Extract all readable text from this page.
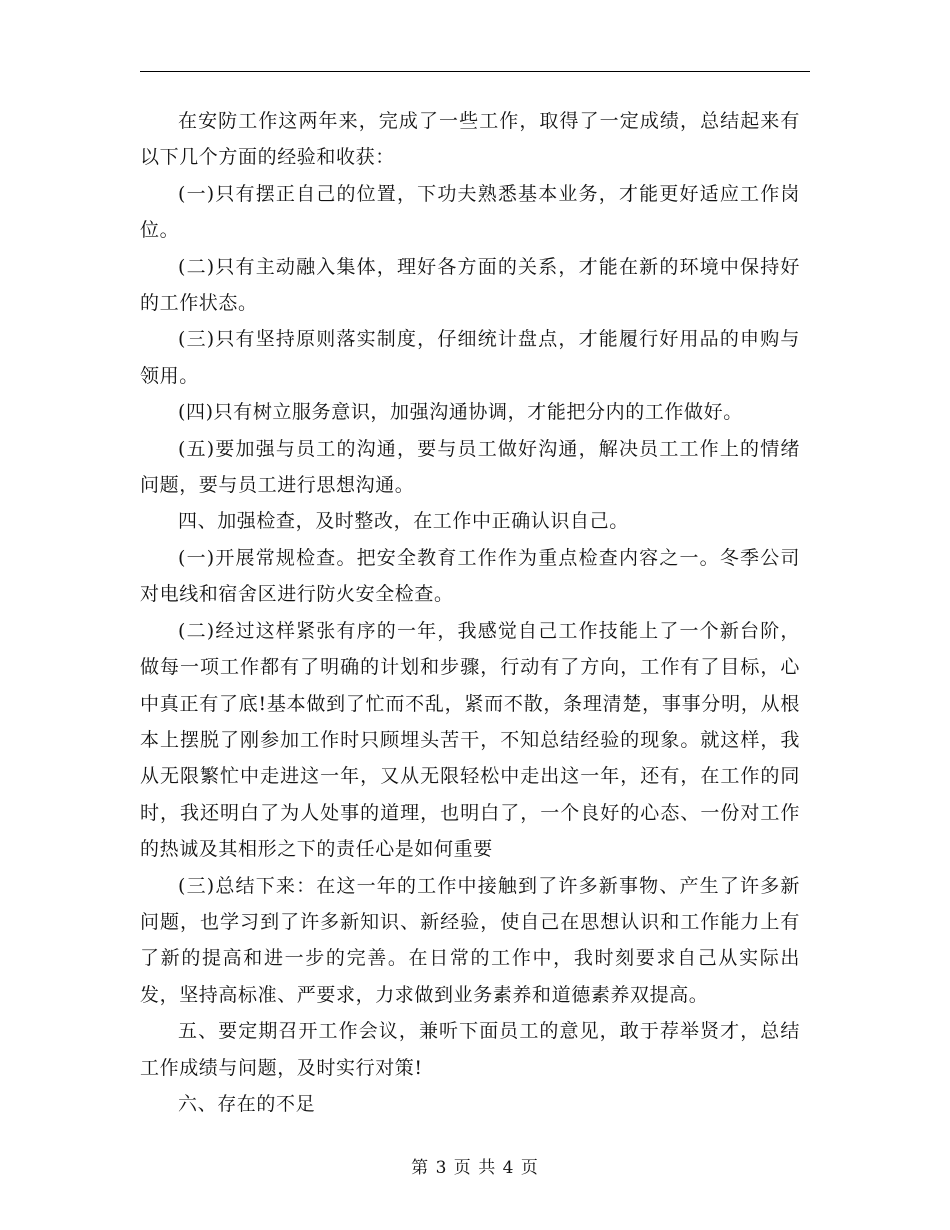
在安防工作这两年来，完成了一些工作，取得了一定成绩，总结起来有以下几个方面的经验和收获：

(一)只有摆正自己的位置，下功夫熟悉基本业务，才能更好适应工作岗位。

(二)只有主动融入集体，理好各方面的关系，才能在新的环境中保持好的工作状态。

(三)只有坚持原则落实制度，仔细统计盘点，才能履行好用品的申购与领用。

(四)只有树立服务意识，加强沟通协调，才能把分内的工作做好。

(五)要加强与员工的沟通，要与员工做好沟通，解决员工工作上的情绪问题，要与员工进行思想沟通。

四、加强检查，及时整改，在工作中正确认识自己。

(一)开展常规检查。把安全教育工作作为重点检查内容之一。冬季公司对电线和宿舍区进行防火安全检查。

(二)经过这样紧张有序的一年，我感觉自己工作技能上了一个新台阶，做每一项工作都有了明确的计划和步骤，行动有了方向，工作有了目标，心中真正有了底!基本做到了忙而不乱，紧而不散，条理清楚，事事分明，从根本上摆脱了刚参加工作时只顾埋头苦干，不知总结经验的现象。就这样，我从无限繁忙中走进这一年，又从无限轻松中走出这一年，还有，在工作的同时，我还明白了为人处事的道理，也明白了，一个良好的心态、一份对工作的热诚及其相形之下的责任心是如何重要

(三)总结下来：在这一年的工作中接触到了许多新事物、产生了许多新问题，也学习到了许多新知识、新经验，使自己在思想认识和工作能力上有了新的提高和进一步的完善。在日常的工作中，我时刻要求自己从实际出发，坚持高标准、严要求，力求做到业务素养和道德素养双提高。

五、要定期召开工作会议，兼听下面员工的意见，敢于荐举贤才，总结工作成绩与问题，及时实行对策!

六、存在的不足

第 3 页 共 4 页
